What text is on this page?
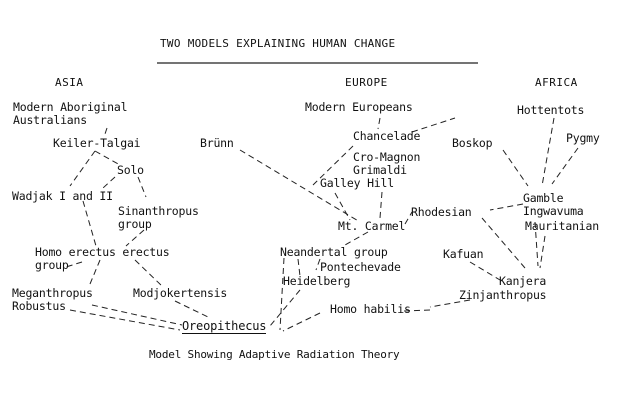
TWO MODELS EXPLAINING HUMAN CHANGE
ASIA	EUROPE	AFRICA
Modern Aboriginal
Australians
Keiler-Talgai
Solo
Wadjak I and II
Sinanthropus
group
Homo erectus erectus
group
Meganthropus
Robustus
Modjokertensis
Oreopithecus
Brünn
Modern Europeans
Chancelade
Cro-Magnon
Grimaldi
Galley Hill
Mt. Carmel
Neandertal group
Pontechevade
Heidelberg
Homo habilis
Hottentots
Boskop	Pygmy
Gamble
Ingwavuma
Mauritanian
Rhodesian
Kafuan
Kanjera
Zinjanthropus
Model Showing Adaptive Radiation Theory
